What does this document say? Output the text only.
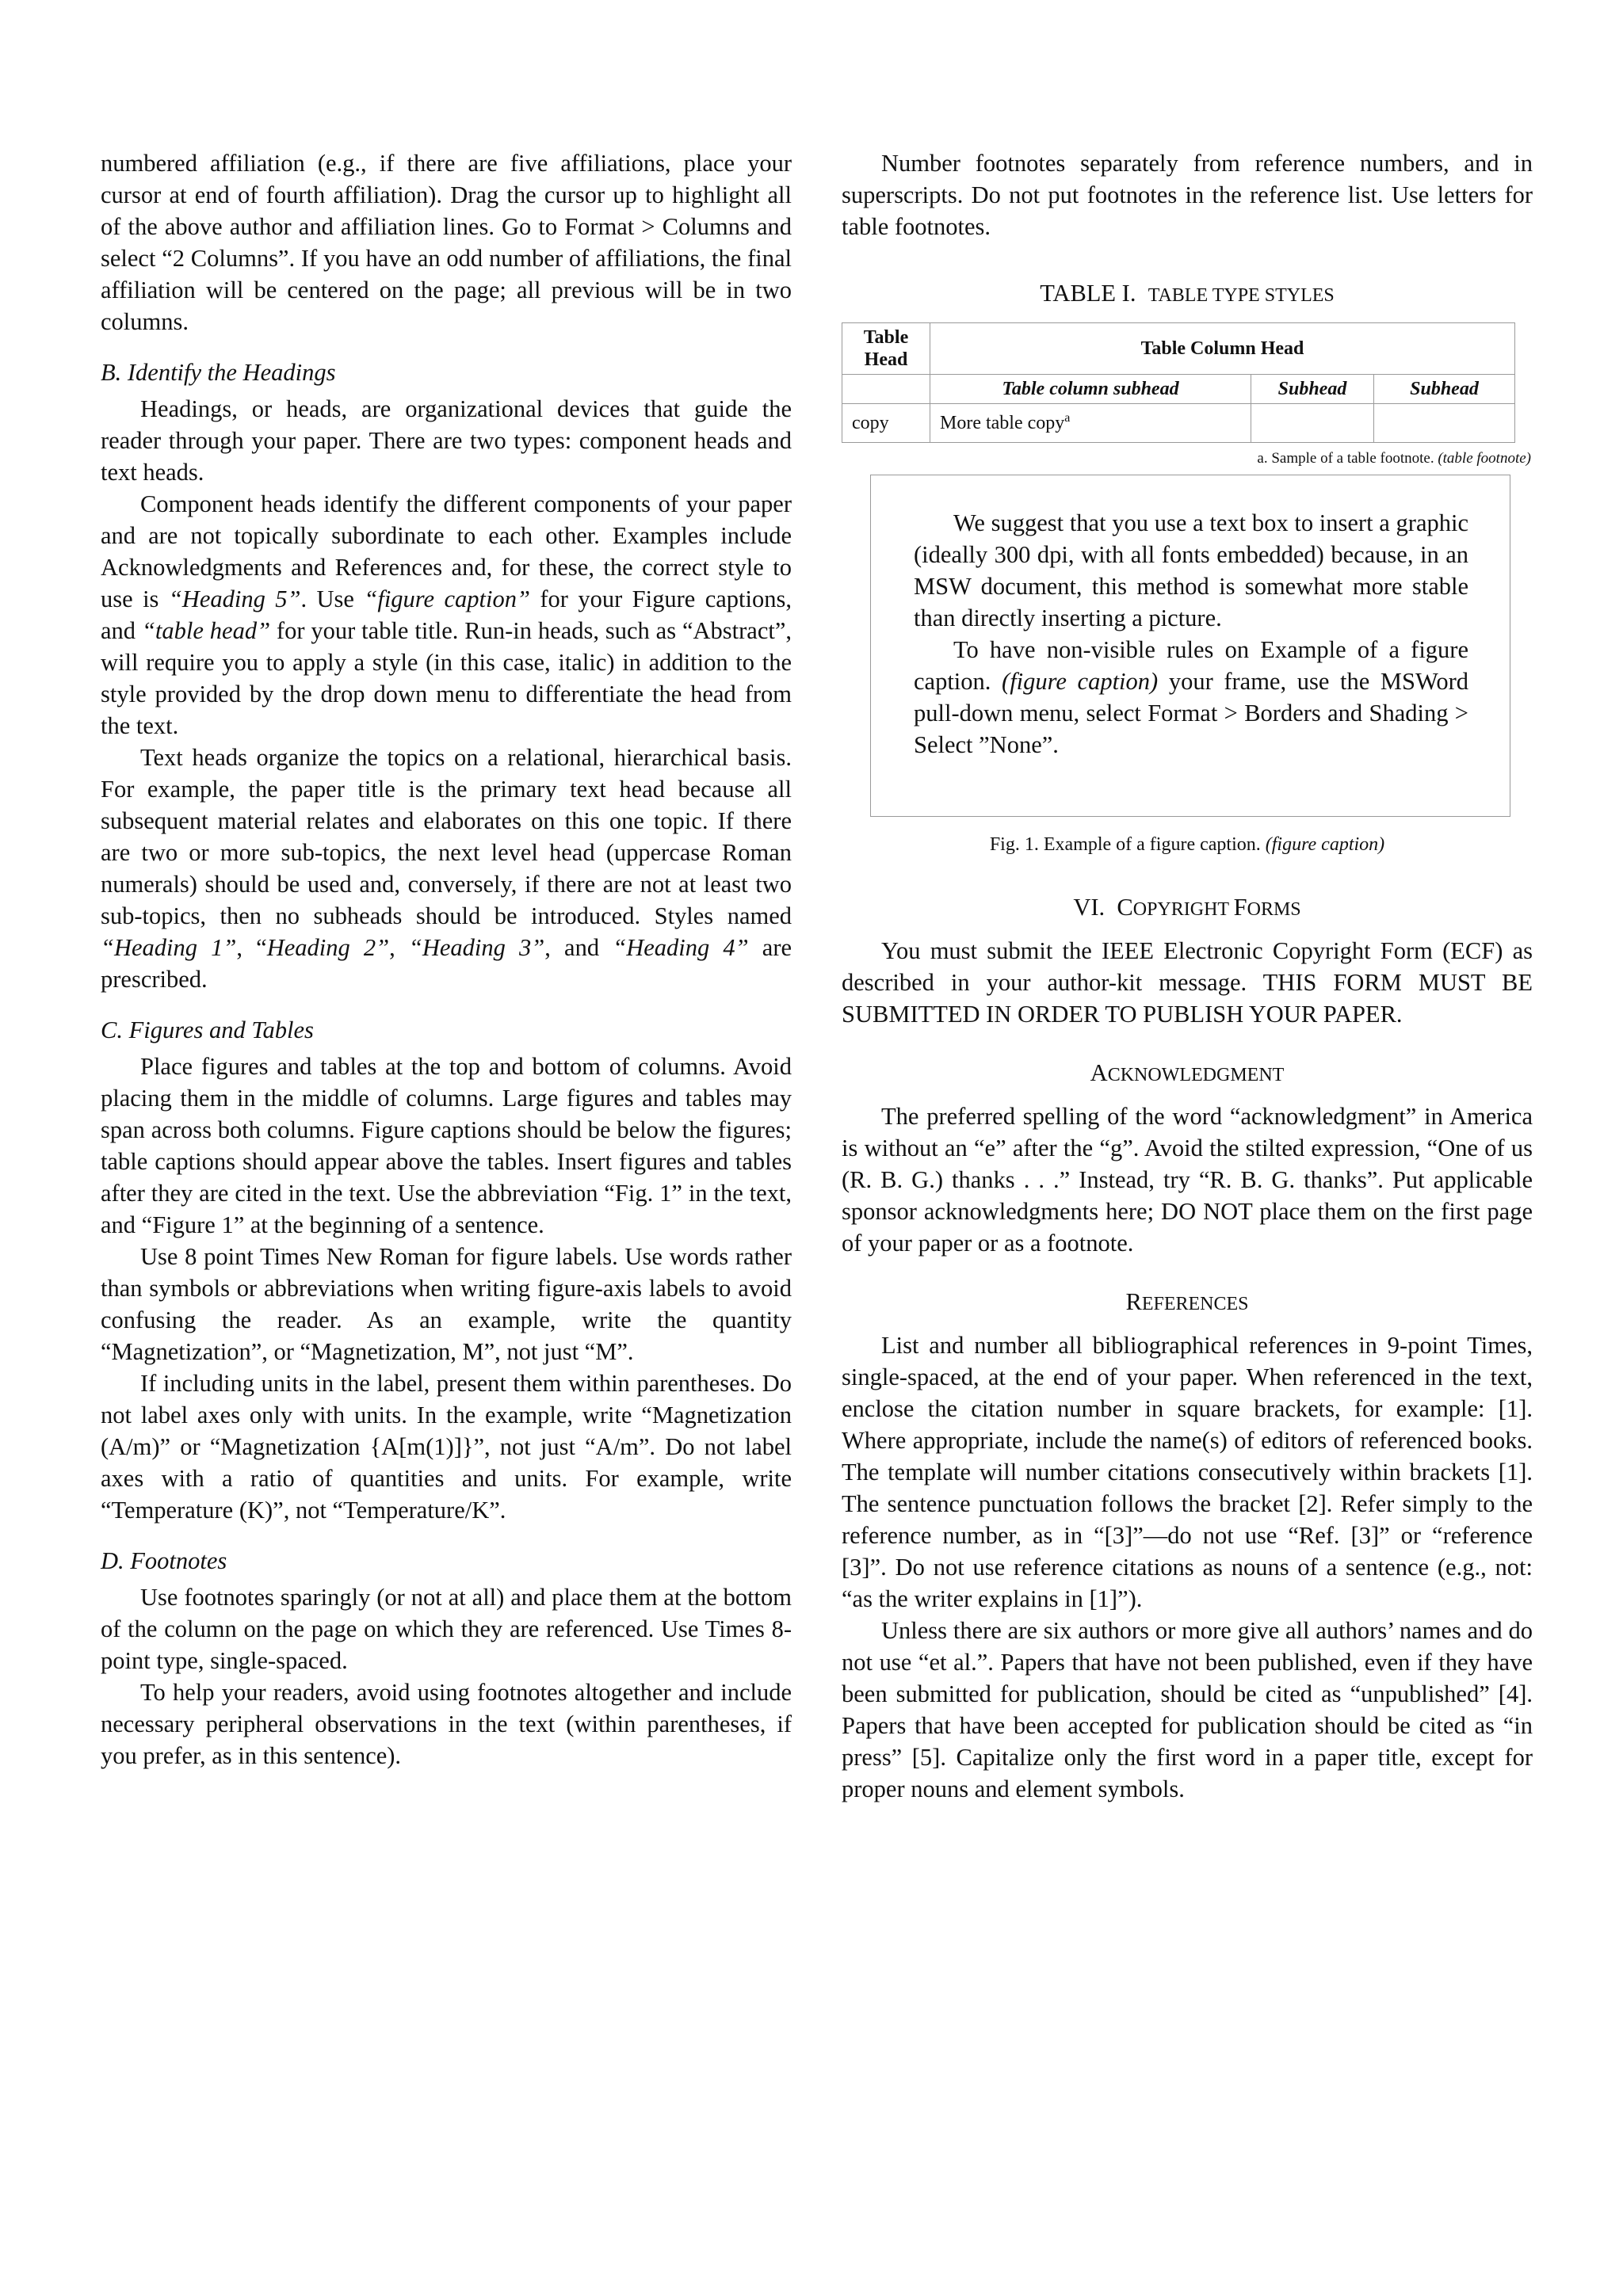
numbered affiliation (e.g., if there are five affiliations, place your cursor at end of fourth affiliation). Drag the cursor up to highlight all of the above author and affiliation lines. Go to Format > Columns and select “2 Columns”. If you have an odd number of affiliations, the final affiliation will be centered on the page; all previous will be in two columns.

B. Identify the Headings

Headings, or heads, are organizational devices that guide the reader through your paper. There are two types: component heads and text heads.

Component heads identify the different components of your paper and are not topically subordinate to each other. Examples include Acknowledgments and References and, for these, the correct style to use is “Heading 5”. Use “figure caption” for your Figure captions, and “table head” for your table title. Run-in heads, such as “Abstract”, will require you to apply a style (in this case, italic) in addition to the style provided by the drop down menu to differentiate the head from the text.

Text heads organize the topics on a relational, hierarchical basis. For example, the paper title is the primary text head because all subsequent material relates and elaborates on this one topic. If there are two or more sub-topics, the next level head (uppercase Roman numerals) should be used and, conversely, if there are not at least two sub-topics, then no subheads should be introduced. Styles named “Heading 1”, “Heading 2”, “Heading 3”, and “Heading 4” are prescribed.

C. Figures and Tables

Place figures and tables at the top and bottom of columns. Avoid placing them in the middle of columns. Large figures and tables may span across both columns. Figure captions should be below the figures; table captions should appear above the tables. Insert figures and tables after they are cited in the text. Use the abbreviation “Fig. 1” in the text, and “Figure 1” at the beginning of a sentence.

Use 8 point Times New Roman for figure labels. Use words rather than symbols or abbreviations when writing figure-axis labels to avoid confusing the reader. As an example, write the quantity “Magnetization”, or “Magnetization, M”, not just “M”.

If including units in the label, present them within parentheses. Do not label axes only with units. In the example, write “Magnetization (A/m)” or “Magnetization {A[m(1)]}”, not just “A/m”. Do not label axes with a ratio of quantities and units. For example, write “Temperature (K)”, not “Temperature/K”.

D. Footnotes

Use footnotes sparingly (or not at all) and place them at the bottom of the column on the page on which they are referenced. Use Times 8-point type, single-spaced.

To help your readers, avoid using footnotes altogether and include necessary peripheral observations in the text (within parentheses, if you prefer, as in this sentence).

Number footnotes separately from reference numbers, and in superscripts. Do not put footnotes in the reference list. Use letters for table footnotes.

TABLE I. TABLE TYPE STYLES
Table Head	Table Column Head		
	Table column subhead	Subhead	Subhead
copy	More table copy$^a$		
a. Sample of a table footnote. (table footnote)

We suggest that you use a text box to insert a graphic (ideally 300 dpi, with all fonts embedded) because, in an MSW document, this method is somewhat more stable than directly inserting a picture.

To have non-visible rules on Example of a figure caption. (figure caption) your frame, use the MSWord pull-down menu, select Format > Borders and Shading > Select ”None”.

Fig. 1. Example of a figure caption. (figure caption)
VI. COPYRIGHT FORMS

You must submit the IEEE Electronic Copyright Form (ECF) as described in your author-kit message. THIS FORM MUST BE SUBMITTED IN ORDER TO PUBLISH YOUR PAPER.

ACKNOWLEDGMENT

The preferred spelling of the word “acknowledgment” in America is without an “e” after the “g”. Avoid the stilted expression, “One of us (R. B. G.) thanks . . .” Instead, try “R. B. G. thanks”. Put applicable sponsor acknowledgments here; DO NOT place them on the first page of your paper or as a footnote.

REFERENCES

List and number all bibliographical references in 9-point Times, single-spaced, at the end of your paper. When referenced in the text, enclose the citation number in square brackets, for example: [1]. Where appropriate, include the name(s) of editors of referenced books. The template will number citations consecutively within brackets [1]. The sentence punctuation follows the bracket [2]. Refer simply to the reference number, as in “[3]”—do not use “Ref. [3]” or “reference [3]”. Do not use reference citations as nouns of a sentence (e.g., not: “as the writer explains in [1]”).

Unless there are six authors or more give all authors’ names and do not use “et al.”. Papers that have not been published, even if they have been submitted for publication, should be cited as “unpublished” [4]. Papers that have been accepted for publication should be cited as “in press” [5]. Capitalize only the first word in a paper title, except for proper nouns and element symbols.
